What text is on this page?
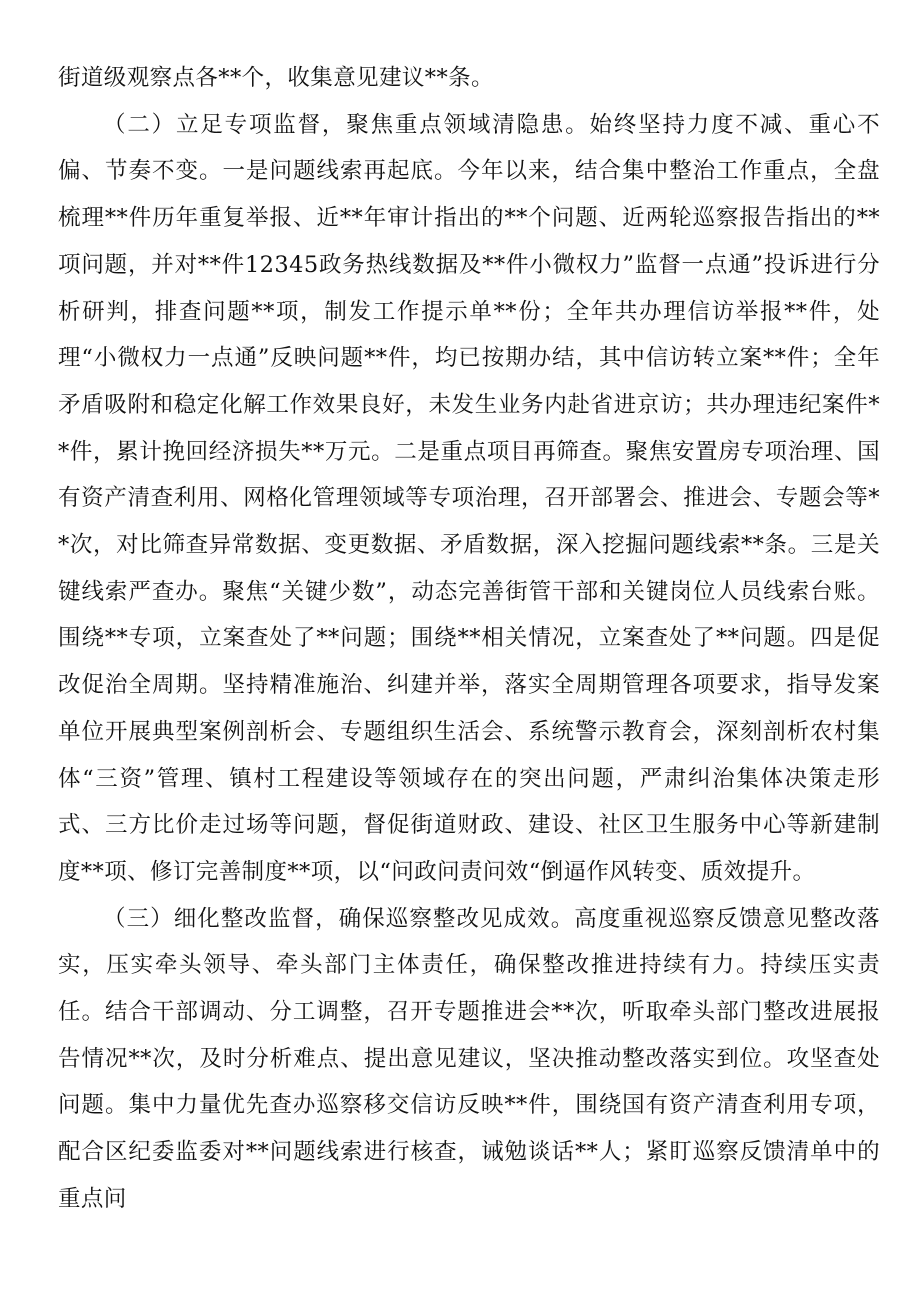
街道级观察点各**个，收集意见建议**条。

（二）立足专项监督，聚焦重点领域清隐患。始终坚持力度不减、重心不偏、节奏不变。一是问题线索再起底。今年以来，结合集中整治工作重点，全盘梳理**件历年重复举报、近**年审计指出的**个问题、近两轮巡察报告指出的**项问题，并对**件12345政务热线数据及**件小微权力”监督一点通”投诉进行分析研判，排查问题**项，制发工作提示单**份；全年共办理信访举报**件，处理“小微权力一点通”反映问题**件，均已按期办结，其中信访转立案**件；全年矛盾吸附和稳定化解工作效果良好，未发生业务内赴省进京访；共办理违纪案件**件，累计挽回经济损失**万元。二是重点项目再筛查。聚焦安置房专项治理、国有资产清查利用、网格化管理领域等专项治理，召开部署会、推进会、专题会等**次，对比筛查异常数据、变更数据、矛盾数据，深入挖掘问题线索**条。三是关键线索严查办。聚焦“关键少数”，动态完善街管干部和关键岗位人员线索台账。围绕**专项，立案查处了**问题；围绕**相关情况，立案查处了**问题。四是促改促治全周期。坚持精准施治、纠建并举，落实全周期管理各项要求，指导发案单位开展典型案例剖析会、专题组织生活会、系统警示教育会，深刻剖析农村集体“三资”管理、镇村工程建设等领域存在的突出问题，严肃纠治集体决策走形式、三方比价走过场等问题，督促街道财政、建设、社区卫生服务中心等新建制度**项、修订完善制度**项，以“问政问责问效“倒逼作风转变、质效提升。

（三）细化整改监督，确保巡察整改见成效。高度重视巡察反馈意见整改落实，压实牵头领导、牵头部门主体责任，确保整改推进持续有力。持续压实责任。结合干部调动、分工调整，召开专题推进会**次，听取牵头部门整改进展报告情况**次，及时分析难点、提出意见建议，坚决推动整改落实到位。攻坚查处问题。集中力量优先查办巡察移交信访反映**件，围绕国有资产清查利用专项，配合区纪委监委对**问题线索进行核查，诫勉谈话**人；紧盯巡察反馈清单中的重点问
